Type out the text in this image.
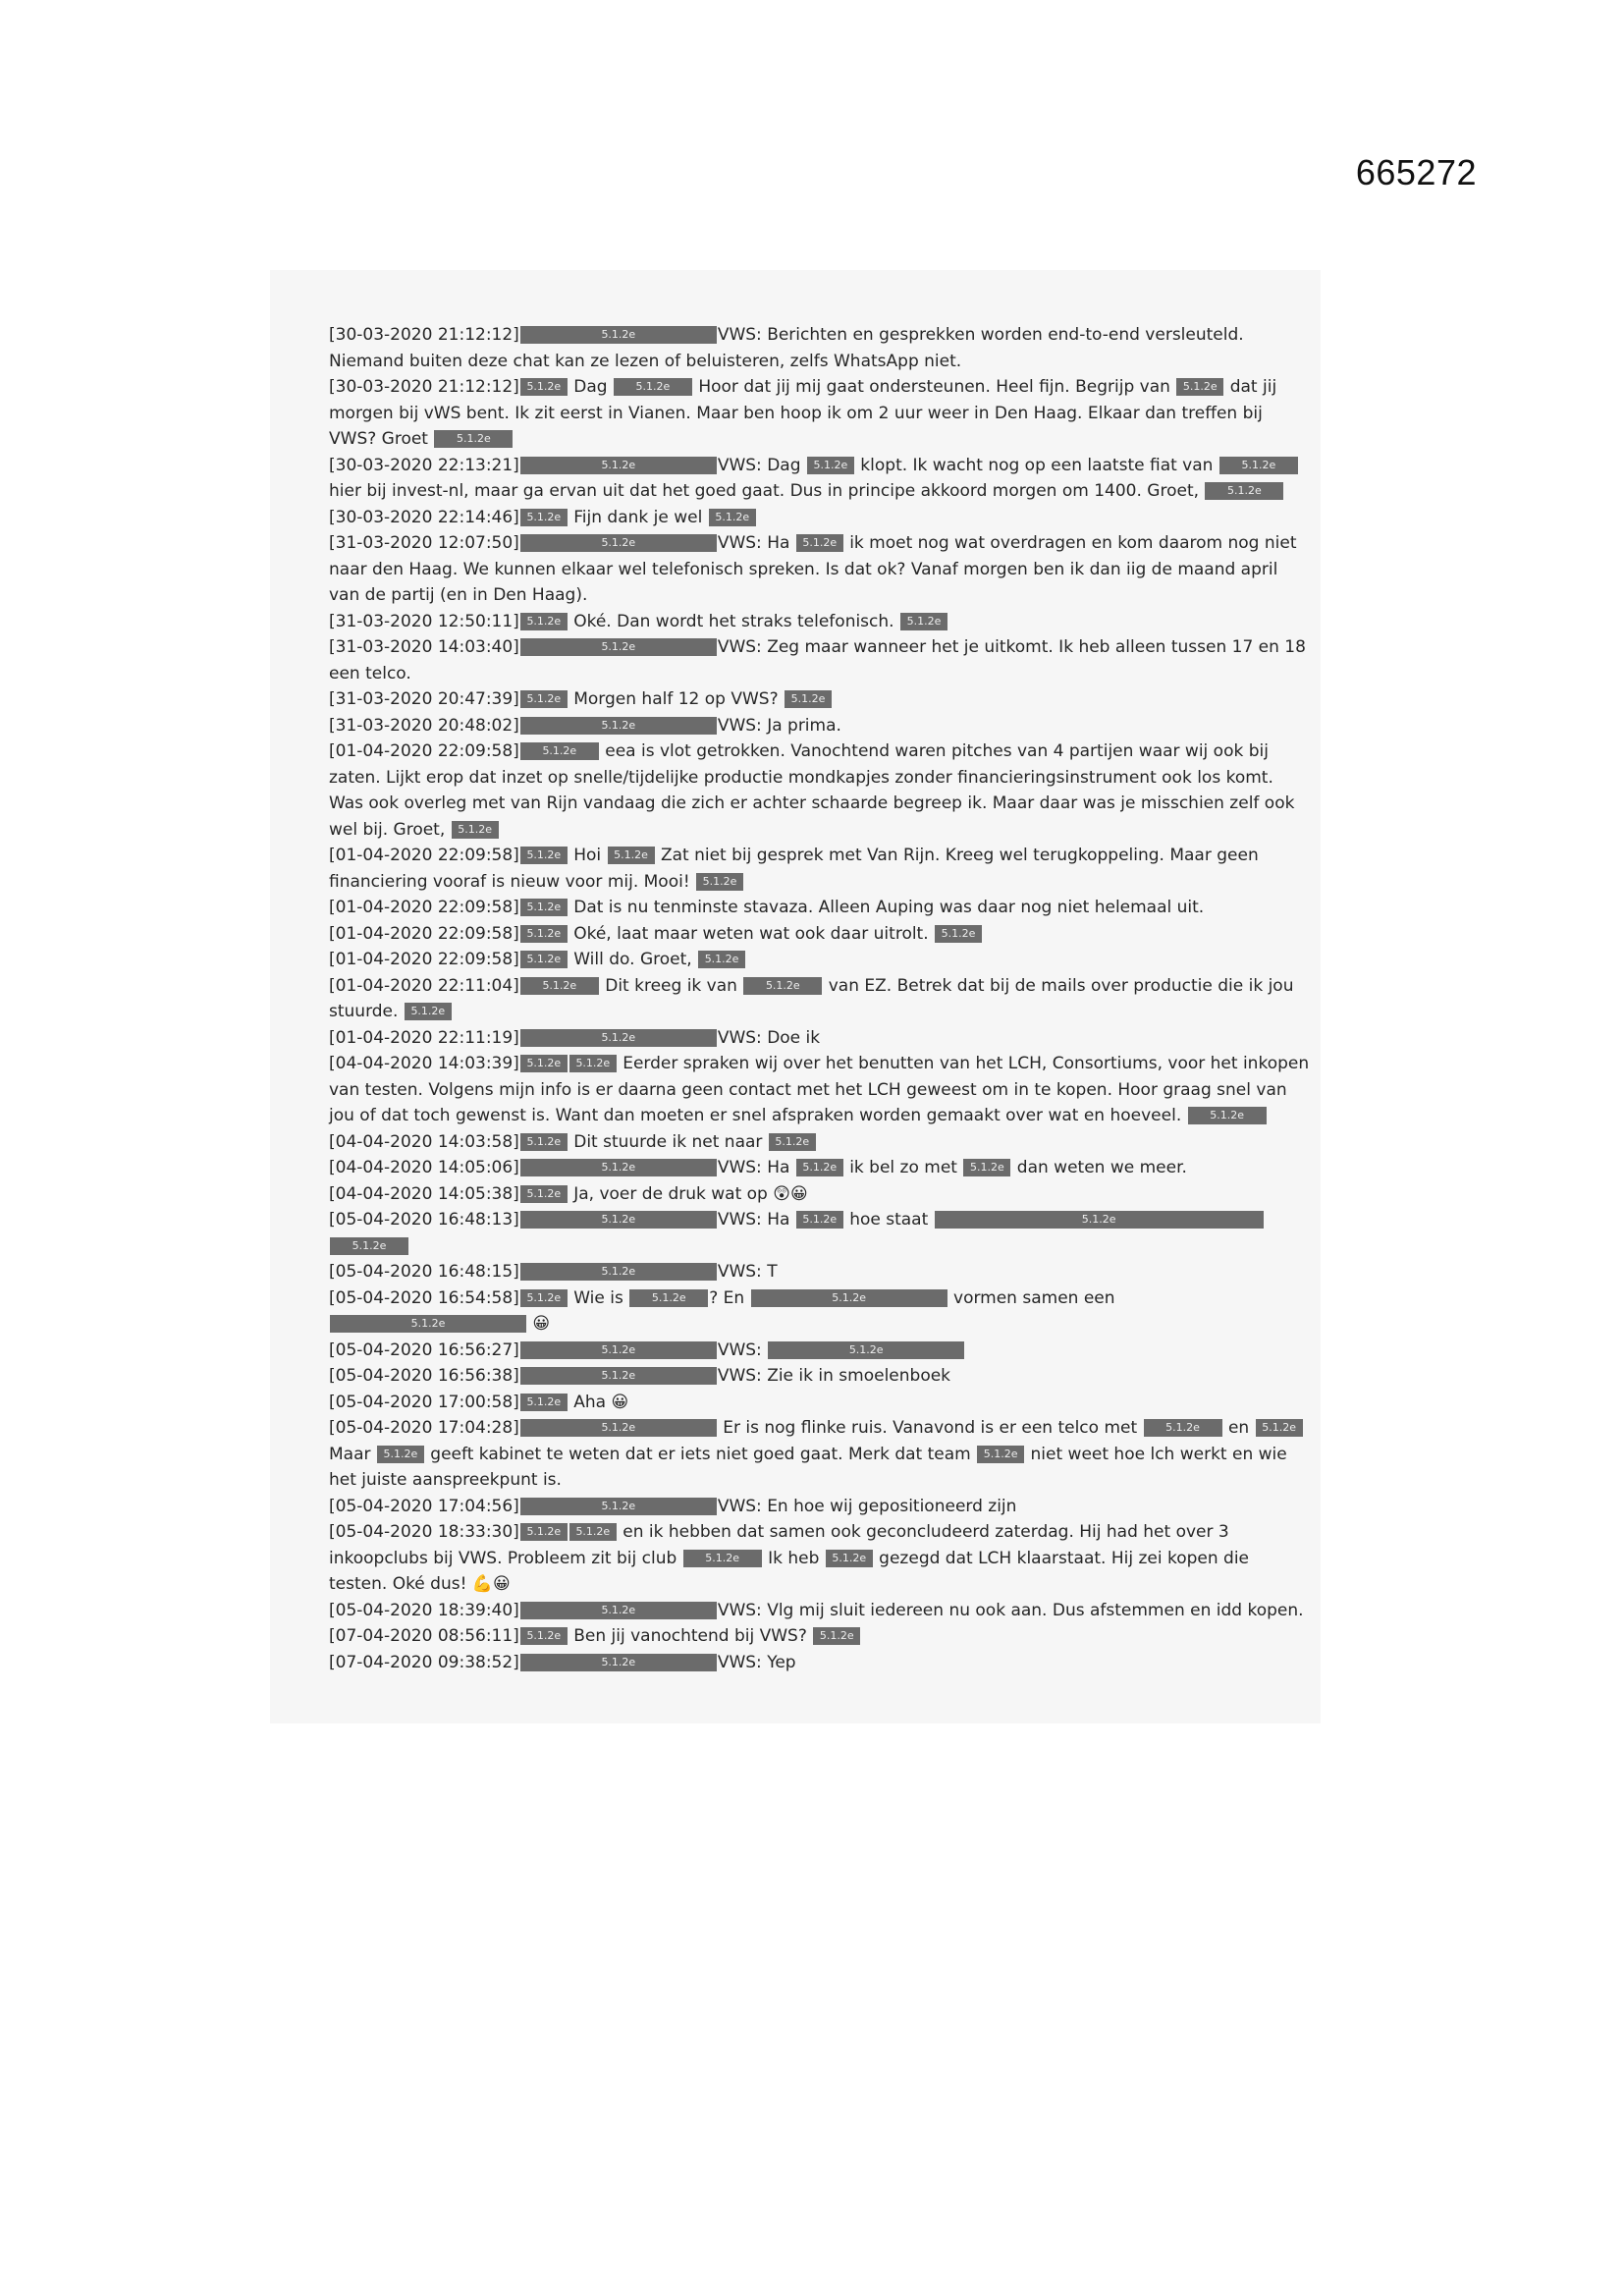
665272

[30-03-2020 21:12:12]	5.1.2e	VWS: Berichten en gesprekken worden end-to-end versleuteld. Niemand buiten deze chat kan ze lezen of beluisteren, zelfs WhatsApp niet.

[30-03-2020 21:12:12] 5.1.2e Dag 5.1.2e Hoor dat jij mij gaat ondersteunen. Heel fijn. Begrijp van 5.1.2e dat jij morgen bij vWS bent. Ik zit eerst in Vianen. Maar ben hoop ik om 2 uur weer in Den Haag. Elkaar dan treffen bij VWS? Groet 5.1.2e

[30-03-2020 22:13:21]	5.1.2e	VWS: Dag 5.1.2e klopt. Ik wacht nog op een laatste fiat van 5.1.2e hier bij invest-nl, maar ga ervan uit dat het goed gaat. Dus in principe akkoord morgen om 1400. Groet, 5.1.2e

[30-03-2020 22:14:46] 5.1.2e Fijn dank je wel 5.1.2e

[31-03-2020 12:07:50]	5.1.2e	VWS: Ha 5.1.2e ik moet nog wat overdragen en kom daarom nog niet naar den Haag. We kunnen elkaar wel telefonisch spreken. Is dat ok? Vanaf morgen ben ik dan iig de maand april van de partij (en in Den Haag).

[31-03-2020 12:50:11] 5.1.2e Oké. Dan wordt het straks telefonisch. 5.1.2e

[31-03-2020 14:03:40]	5.1.2e	VWS: Zeg maar wanneer het je uitkomt. Ik heb alleen tussen 17 en 18 een telco.

[31-03-2020 20:47:39] 5.1.2e Morgen half 12 op VWS? 5.1.2e

[31-03-2020 20:48:02]	5.1.2e	VWS: Ja prima.

[01-04-2020 22:09:58] 5.1.2e eea is vlot getrokken. Vanochtend waren pitches van 4 partijen waar wij ook bij zaten. Lijkt erop dat inzet op snelle/tijdelijke productie mondkapjes zonder financieringsinstrument ook los komt. Was ook overleg met van Rijn vandaag die zich er achter schaarde begreep ik. Maar daar was je misschien zelf ook wel bij. Groet, 5.1.2e

[01-04-2020 22:09:58] 5.1.2e Hoi 5.1.2e Zat niet bij gesprek met Van Rijn. Kreeg wel terugkoppeling. Maar geen financiering vooraf is nieuw voor mij. Mooi! 5.1.2e

[01-04-2020 22:09:58] 5.1.2e Dat is nu tenminste stavaza. Alleen Auping was daar nog niet helemaal uit.

[01-04-2020 22:09:58] 5.1.2e Oké, laat maar weten wat ook daar uitrolt. 5.1.2e

[01-04-2020 22:09:58] 5.1.2e Will do. Groet, 5.1.2e

[01-04-2020 22:11:04] 5.1.2e Dit kreeg ik van 5.1.2e van EZ. Betrek dat bij de mails over productie die ik jou stuurde. 5.1.2e

[01-04-2020 22:11:19]	5.1.2e	VWS: Doe ik

[04-04-2020 14:03:39] 5.1.2e 5.1.2e Eerder spraken wij over het benutten van het LCH, Consortiums, voor het inkopen van testen. Volgens mijn info is er daarna geen contact met het LCH geweest om in te kopen. Hoor graag snel van jou of dat toch gewenst is. Want dan moeten er snel afspraken worden gemaakt over wat en hoeveel. 5.1.2e

[04-04-2020 14:03:58] 5.1.2e Dit stuurde ik net naar 5.1.2e

[04-04-2020 14:05:06]	5.1.2e	VWS: Ha 5.1.2e ik bel zo met 5.1.2e dan weten we meer.

[04-04-2020 14:05:38] 5.1.2e Ja, voer de druk wat op 😲😀

[05-04-2020 16:48:13]	5.1.2e	VWS: Ha 5.1.2e hoe staat	5.1.2e 5.1.2e

[05-04-2020 16:48:15]	5.1.2e	VWS: T

[05-04-2020 16:54:58] 5.1.2e Wie is 5.1.2e ? En	5.1.2e	vormen samen een 5.1.2e	😀

[05-04-2020 16:56:27]	5.1.2e	VWS:	5.1.2e

[05-04-2020 16:56:38]	5.1.2e	VWS: Zie ik in smoelenboek

[05-04-2020 17:00:58] 5.1.2e Aha 😀

[05-04-2020 17:04:28]	5.1.2e	Er is nog flinke ruis. Vanavond is er een telco met 5.1.2e en 5.1.2e Maar 5.1.2e geeft kabinet te weten dat er iets niet goed gaat. Merk dat team 5.1.2e niet weet hoe lch werkt en wie het juiste aanspreekpunt is.

[05-04-2020 17:04:56]	5.1.2e	VWS: En hoe wij gepositioneerd zijn

[05-04-2020 18:33:30] 5.1.2e 5.1.2e en ik hebben dat samen ook geconcludeerd zaterdag. Hij had het over 3 inkoopclubs bij VWS. Probleem zit bij club 5.1.2e Ik heb 5.1.2e gezegd dat LCH klaarstaat. Hij zei kopen die testen. Oké dus! 💪😀

[05-04-2020 18:39:40]	5.1.2e	VWS: Vlg mij sluit iedereen nu ook aan. Dus afstemmen en idd kopen.

[07-04-2020 08:56:11] 5.1.2e Ben jij vanochtend bij VWS? 5.1.2e

[07-04-2020 09:38:52]	5.1.2e	VWS: Yep
